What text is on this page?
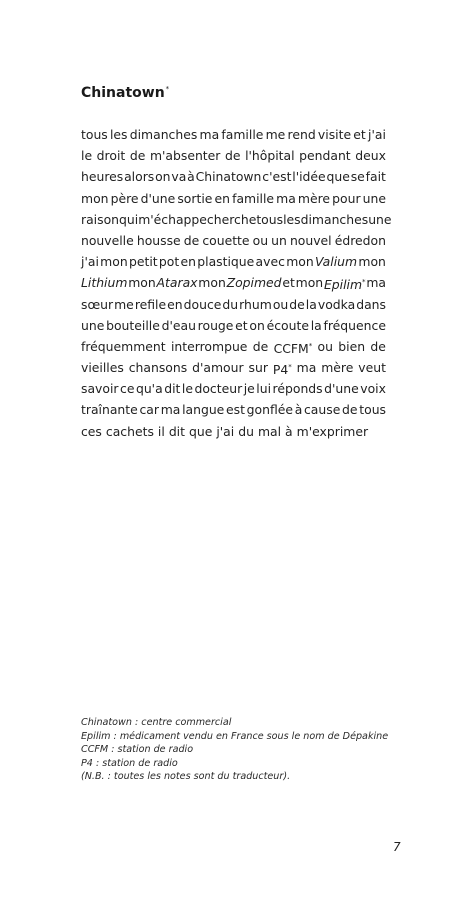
Chinatown*
tous les dimanches ma famille me rend visite et j'ai
le droit de m'absenter de l'hôpital pendant deux
heures alors on va à Chinatown c'est l'idée que se fait
mon père d'une sortie en famille ma mère pour une
raison qui m'échappe cherche tous les dimanches une
nouvelle housse de couette ou un nouvel édredon
j'ai mon petit pot en plastique avec mon Valium mon
Lithium mon Atarax mon Zopimed et mon Epilim* ma
sœur me refile en douce du rhum ou de la vodka dans
une bouteille d'eau rouge et on écoute la fréquence
fréquemment interrompue de CCFM* ou bien de
vieilles chansons d'amour sur P4* ma mère veut
savoir ce qu'a dit le docteur je lui réponds d'une voix
traînante car ma langue est gonflée à cause de tous
ces cachets il dit que j'ai du mal à m'exprimer
Chinatown : centre commercial
Epilim : médicament vendu en France sous le nom de Dépakine
CCFM : station de radio
P4 : station de radio
(N.B. : toutes les notes sont du traducteur).
7
